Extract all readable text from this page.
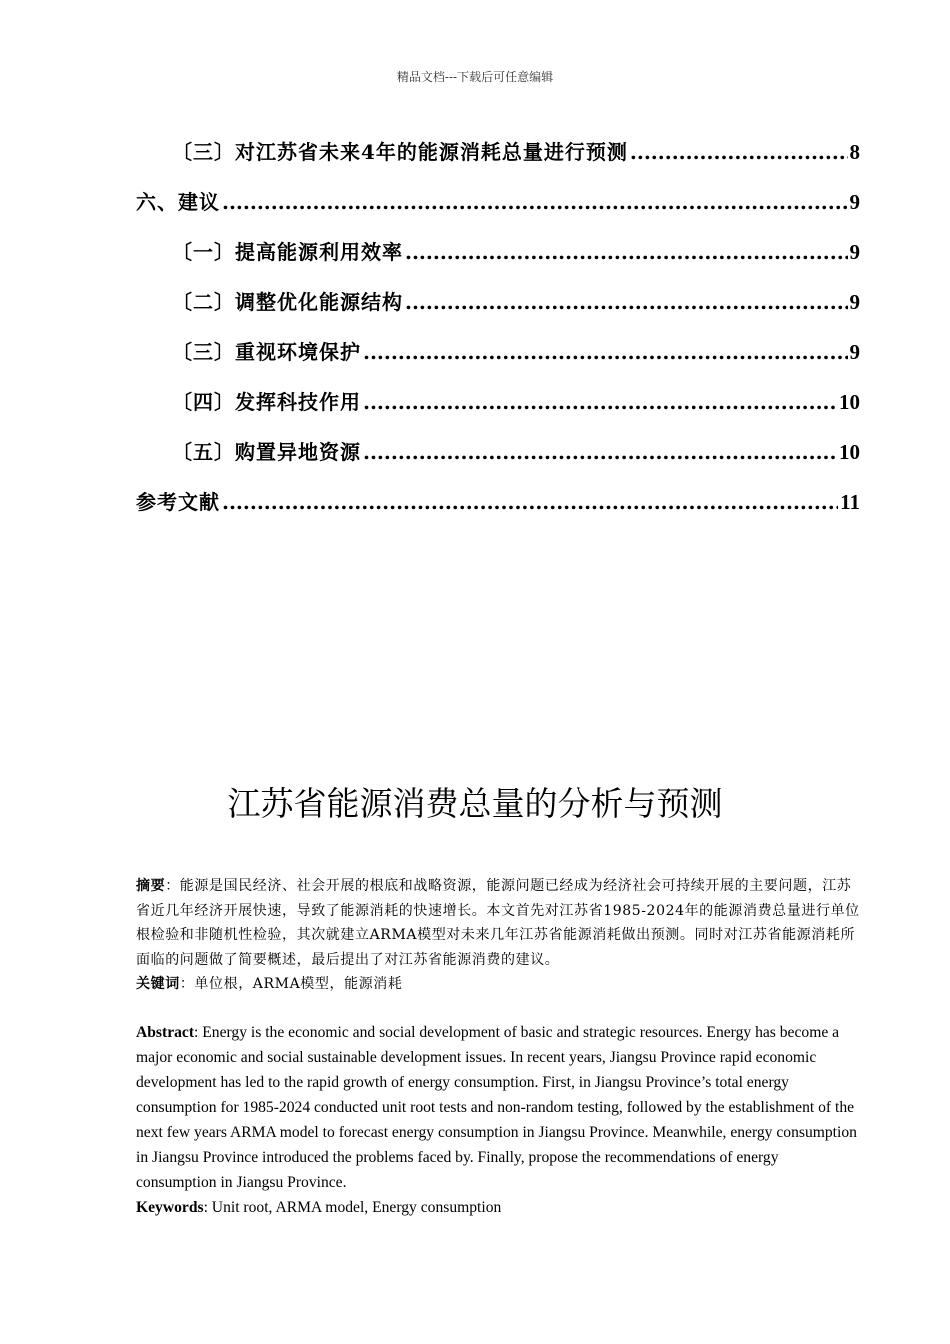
精品文档---下载后可任意编辑
〔三〕对江苏省未来4年的能源消耗总量进行预测 .....	8
六、建议 .....	9
〔一〕提高能源利用效率 .....	9
〔二〕调整优化能源结构 .....	9
〔三〕重视环境保护 .....	9
〔四〕发挥科技作用 .....	10
〔五〕购置异地资源 .....	10
参考文献 .....	11
江苏省能源消费总量的分析与预测

摘要：能源是国民经济、社会开展的根底和战略资源，能源问题已经成为经济社会可持续开展的主要问题，江苏省近几年经济开展快速，导致了能源消耗的快速增长。本文首先对江苏省1985-2024年的能源消费总量进行单位根检验和非随机性检验，其次就建立ARMA模型对未来几年江苏省能源消耗做出预测。同时对江苏省能源消耗所面临的问题做了简要概述，最后提出了对江苏省能源消费的建议。

关键词：单位根，ARMA模型，能源消耗

Abstract: Energy is the economic and social development of basic and strategic resources. Energy has become a major economic and social sustainable development issues. In recent years, Jiangsu Province rapid economic development has led to the rapid growth of energy consumption. First, in Jiangsu Province’s total energy consumption for 1985-2024 conducted unit root tests and non-random testing, followed by the establishment of the next few years ARMA model to forecast energy consumption in Jiangsu Province. Meanwhile, energy consumption in Jiangsu Province introduced the problems faced by. Finally, propose the recommendations of energy consumption in Jiangsu Province.

Keywords: Unit root, ARMA model, Energy consumption
